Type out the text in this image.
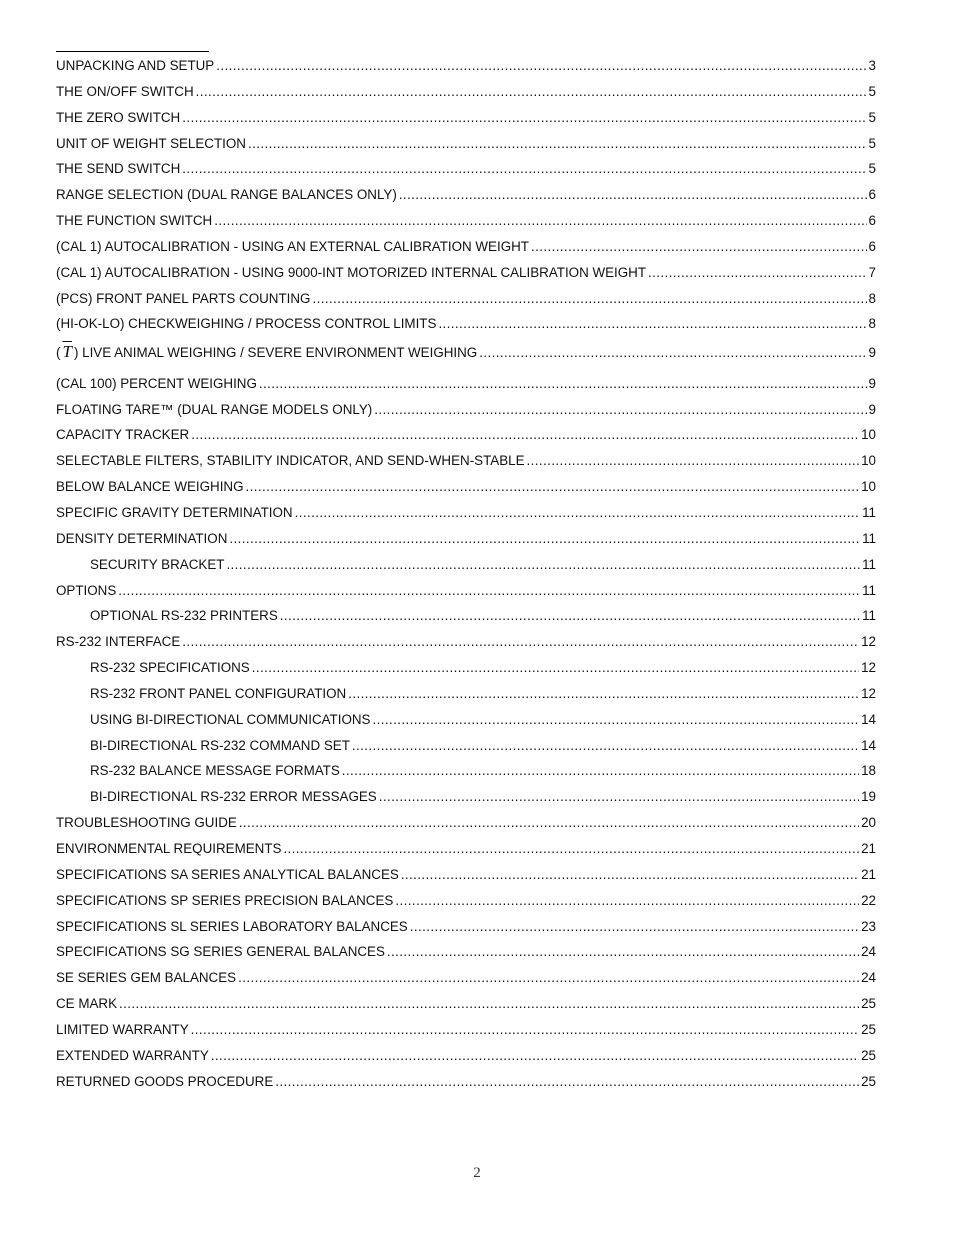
UNPACKING AND SETUP .....	3
THE ON/OFF SWITCH .....	5
THE ZERO SWITCH .....	5
UNIT OF WEIGHT SELECTION .....	5
THE SEND SWITCH .....	5
RANGE SELECTION (DUAL RANGE BALANCES ONLY) .....	6
THE FUNCTION SWITCH .....	6
(CAL 1) AUTOCALIBRATION - USING AN EXTERNAL CALIBRATION WEIGHT .....	6
(CAL 1) AUTOCALIBRATION - USING 9000-INT MOTORIZED INTERNAL CALIBRATION WEIGHT .....	7
(PCS) FRONT PANEL PARTS COUNTING .....	8
(HI-OK-LO) CHECKWEIGHING / PROCESS CONTROL LIMITS .....	8
( $\overline{T}$ ) LIVE ANIMAL WEIGHING / SEVERE ENVIRONMENT WEIGHING .....	9
(CAL 100) PERCENT WEIGHING .....	9
FLOATING TARE™ (DUAL RANGE MODELS ONLY) .....	9
CAPACITY TRACKER .....	10
SELECTABLE FILTERS, STABILITY INDICATOR, AND SEND-WHEN-STABLE .....	10
BELOW BALANCE WEIGHING .....	10
SPECIFIC GRAVITY DETERMINATION .....	11
DENSITY DETERMINATION .....	11
SECURITY BRACKET .....	11
OPTIONS .....	11
OPTIONAL RS-232 PRINTERS .....	11
RS-232 INTERFACE .....	12
RS-232 SPECIFICATIONS .....	12
RS-232 FRONT PANEL CONFIGURATION .....	12
USING BI-DIRECTIONAL COMMUNICATIONS .....	14
BI-DIRECTIONAL RS-232 COMMAND SET .....	14
RS-232 BALANCE MESSAGE FORMATS .....	18
BI-DIRECTIONAL RS-232 ERROR MESSAGES .....	19
TROUBLESHOOTING GUIDE .....	20
ENVIRONMENTAL REQUIREMENTS .....	21
SPECIFICATIONS SA SERIES ANALYTICAL BALANCES .....	21
SPECIFICATIONS SP SERIES PRECISION BALANCES .....	22
SPECIFICATIONS SL SERIES LABORATORY BALANCES .....	23
SPECIFICATIONS SG SERIES GENERAL BALANCES .....	24
SE SERIES GEM BALANCES .....	24
CE MARK .....	25
LIMITED WARRANTY .....	25
EXTENDED WARRANTY .....	25
RETURNED GOODS PROCEDURE .....	25
2
